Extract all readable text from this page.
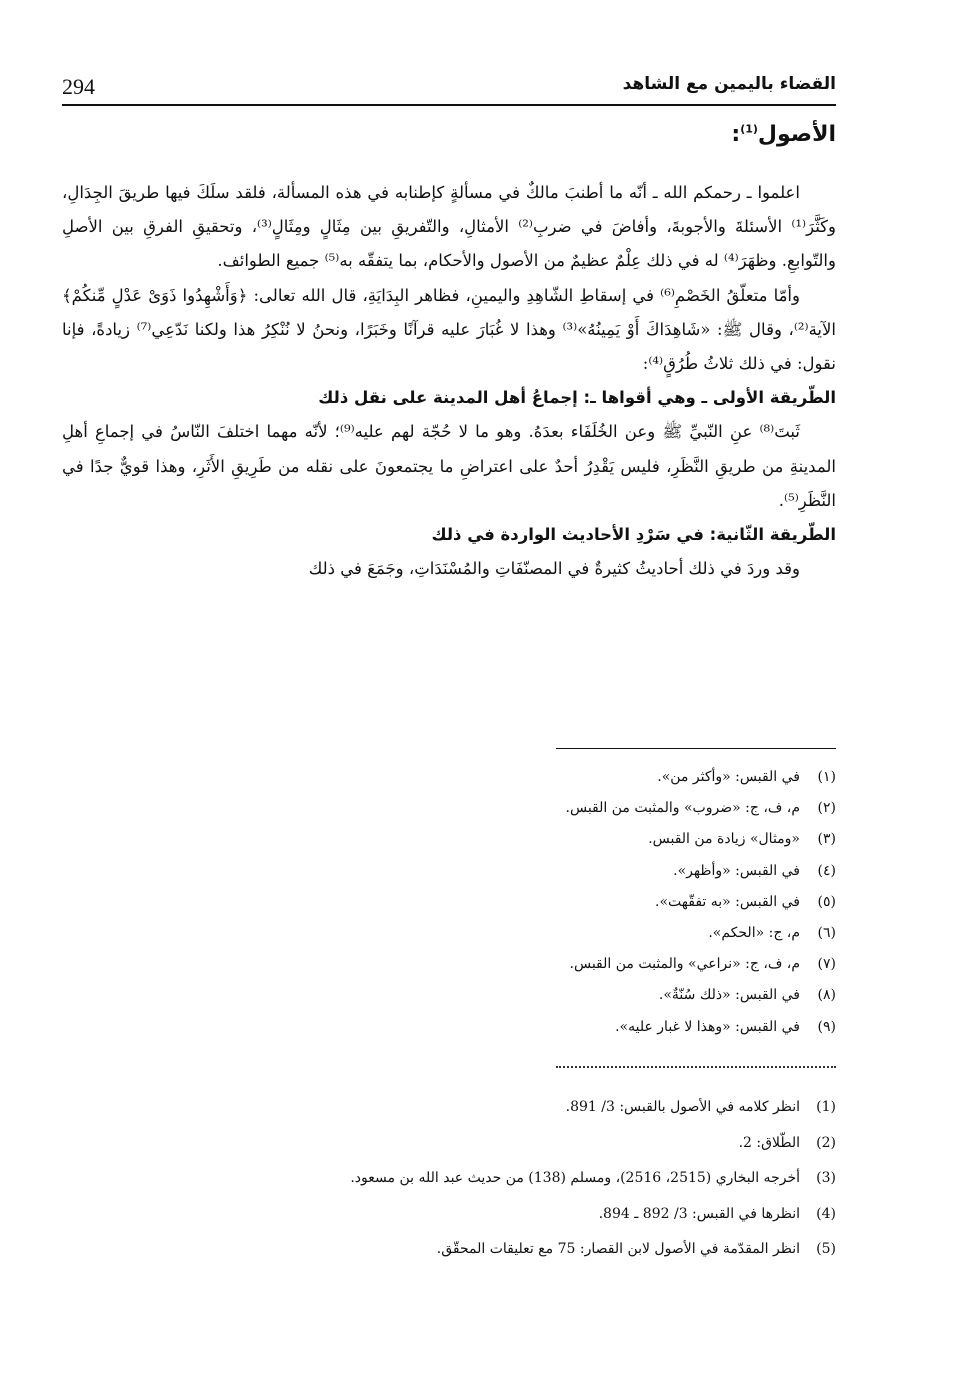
294	القضاء باليمين مع الشاهد
الأصول$^{(1)}$:

اعلموا ـ رحمكم الله ـ أنّه ما أطنبَ مالكٌ في مسألةٍ كإطنابه في هذه المسألة، فلقد سلَكَ فيها طريقَ الجِدَالِ، وكَثَّرَ⁽¹⁾ الأسئلةَ والأجوبةَ، وأفاضَ في ضربِ⁽²⁾ الأمثالِ، والتّفريقِ بين مِثَالٍ ومِثَالٍ⁽³⁾، وتحقيقِ الفرقِ بين الأصلِ والتّوابعِ. وظهَرَ⁽⁴⁾ له في ذلك عِلْمٌ عظيمٌ من الأصول والأحكام، بما يتفقّه به⁽⁵⁾ جميع الطوائف.

وأمّا متعلّقُ الخَصْمِ⁽⁶⁾ في إسقاطِ الشّاهِدِ واليمينِ، فظاهر البِدَايَةِ، قال الله تعالى: ﴿وَأَشْهِدُوا ذَوَىْ عَدْلٍ مِّنكُمْ﴾ الآية⁽²⁾، وقال ﷺ: «شَاهِدَاكَ أَوْ يَمِينُهُ»⁽³⁾ وهذا لا غُبَارَ عليه قرآنًا وخَبَرًا، ونحنُ لا نُنْكِرُ هذا ولكنا نَدّعِي⁽⁷⁾ زيادةً، فإنا نقول: في ذلك ثلاثُ طُرُقٍ⁽⁴⁾:

الطّريقة الأولى ـ وهي أقواها ـ: إجماعُ أهل المدينة على نقل ذلك

ثَبتَ⁽⁸⁾ عنِ النّبيِّ ﷺ وعن الخُلَفَاء بعدَهُ. وهو ما لا حُجّة لهم عليه⁽⁹⁾؛ لأنّه مهما اختلفَ النّاسُ في إجماعِ أهلِ المدينةِ من طريقِ النَّظَرِ، فليس يَقْدِرُ أحدٌ على اعتراضِ ما يجتمعونَ على نقله من طَرِيقِ الأَثَرِ، وهذا قويٌّ جدًا في النَّظَرِ⁽⁵⁾.

الطّريقة الثّانية: في سَرْدِ الأحاديث الواردة في ذلك

وقد وردَ في ذلك أحاديثُ كثيرةٌ في المصنّفَاتِ والمُسْنَدَاتِ، وجَمَعَ في ذلك

(١)
في القبس: «وأكثر من».
(٢)
م، ف، ج: «ضروب» والمثبت من القبس.
(٣)
«ومثال» زيادة من القبس.
(٤)
في القبس: «وأظهر».
(٥)
في القبس: «به تفقّهت».
(٦)
م، ج: «الحكم».
(٧)
م، ف، ج: «نراعي» والمثبت من القبس.
(٨)
في القبس: «ذلك سُنّةٌ».
(٩)
في القبس: «وهذا لا غبار عليه».
(1)
انظر كلامه في الأصول بالقبس: 3/ 891.
(2)
الطّلاق: 2.
(3)
أخرجه البخاري (2515، 2516)، ومسلم (138) من حديث عبد الله بن مسعود.
(4)
انظرها في القبس: 3/ 892 ـ 894.
(5)
انظر المقدّمة في الأصول لابن القصار: 75 مع تعليقات المحقّق.
